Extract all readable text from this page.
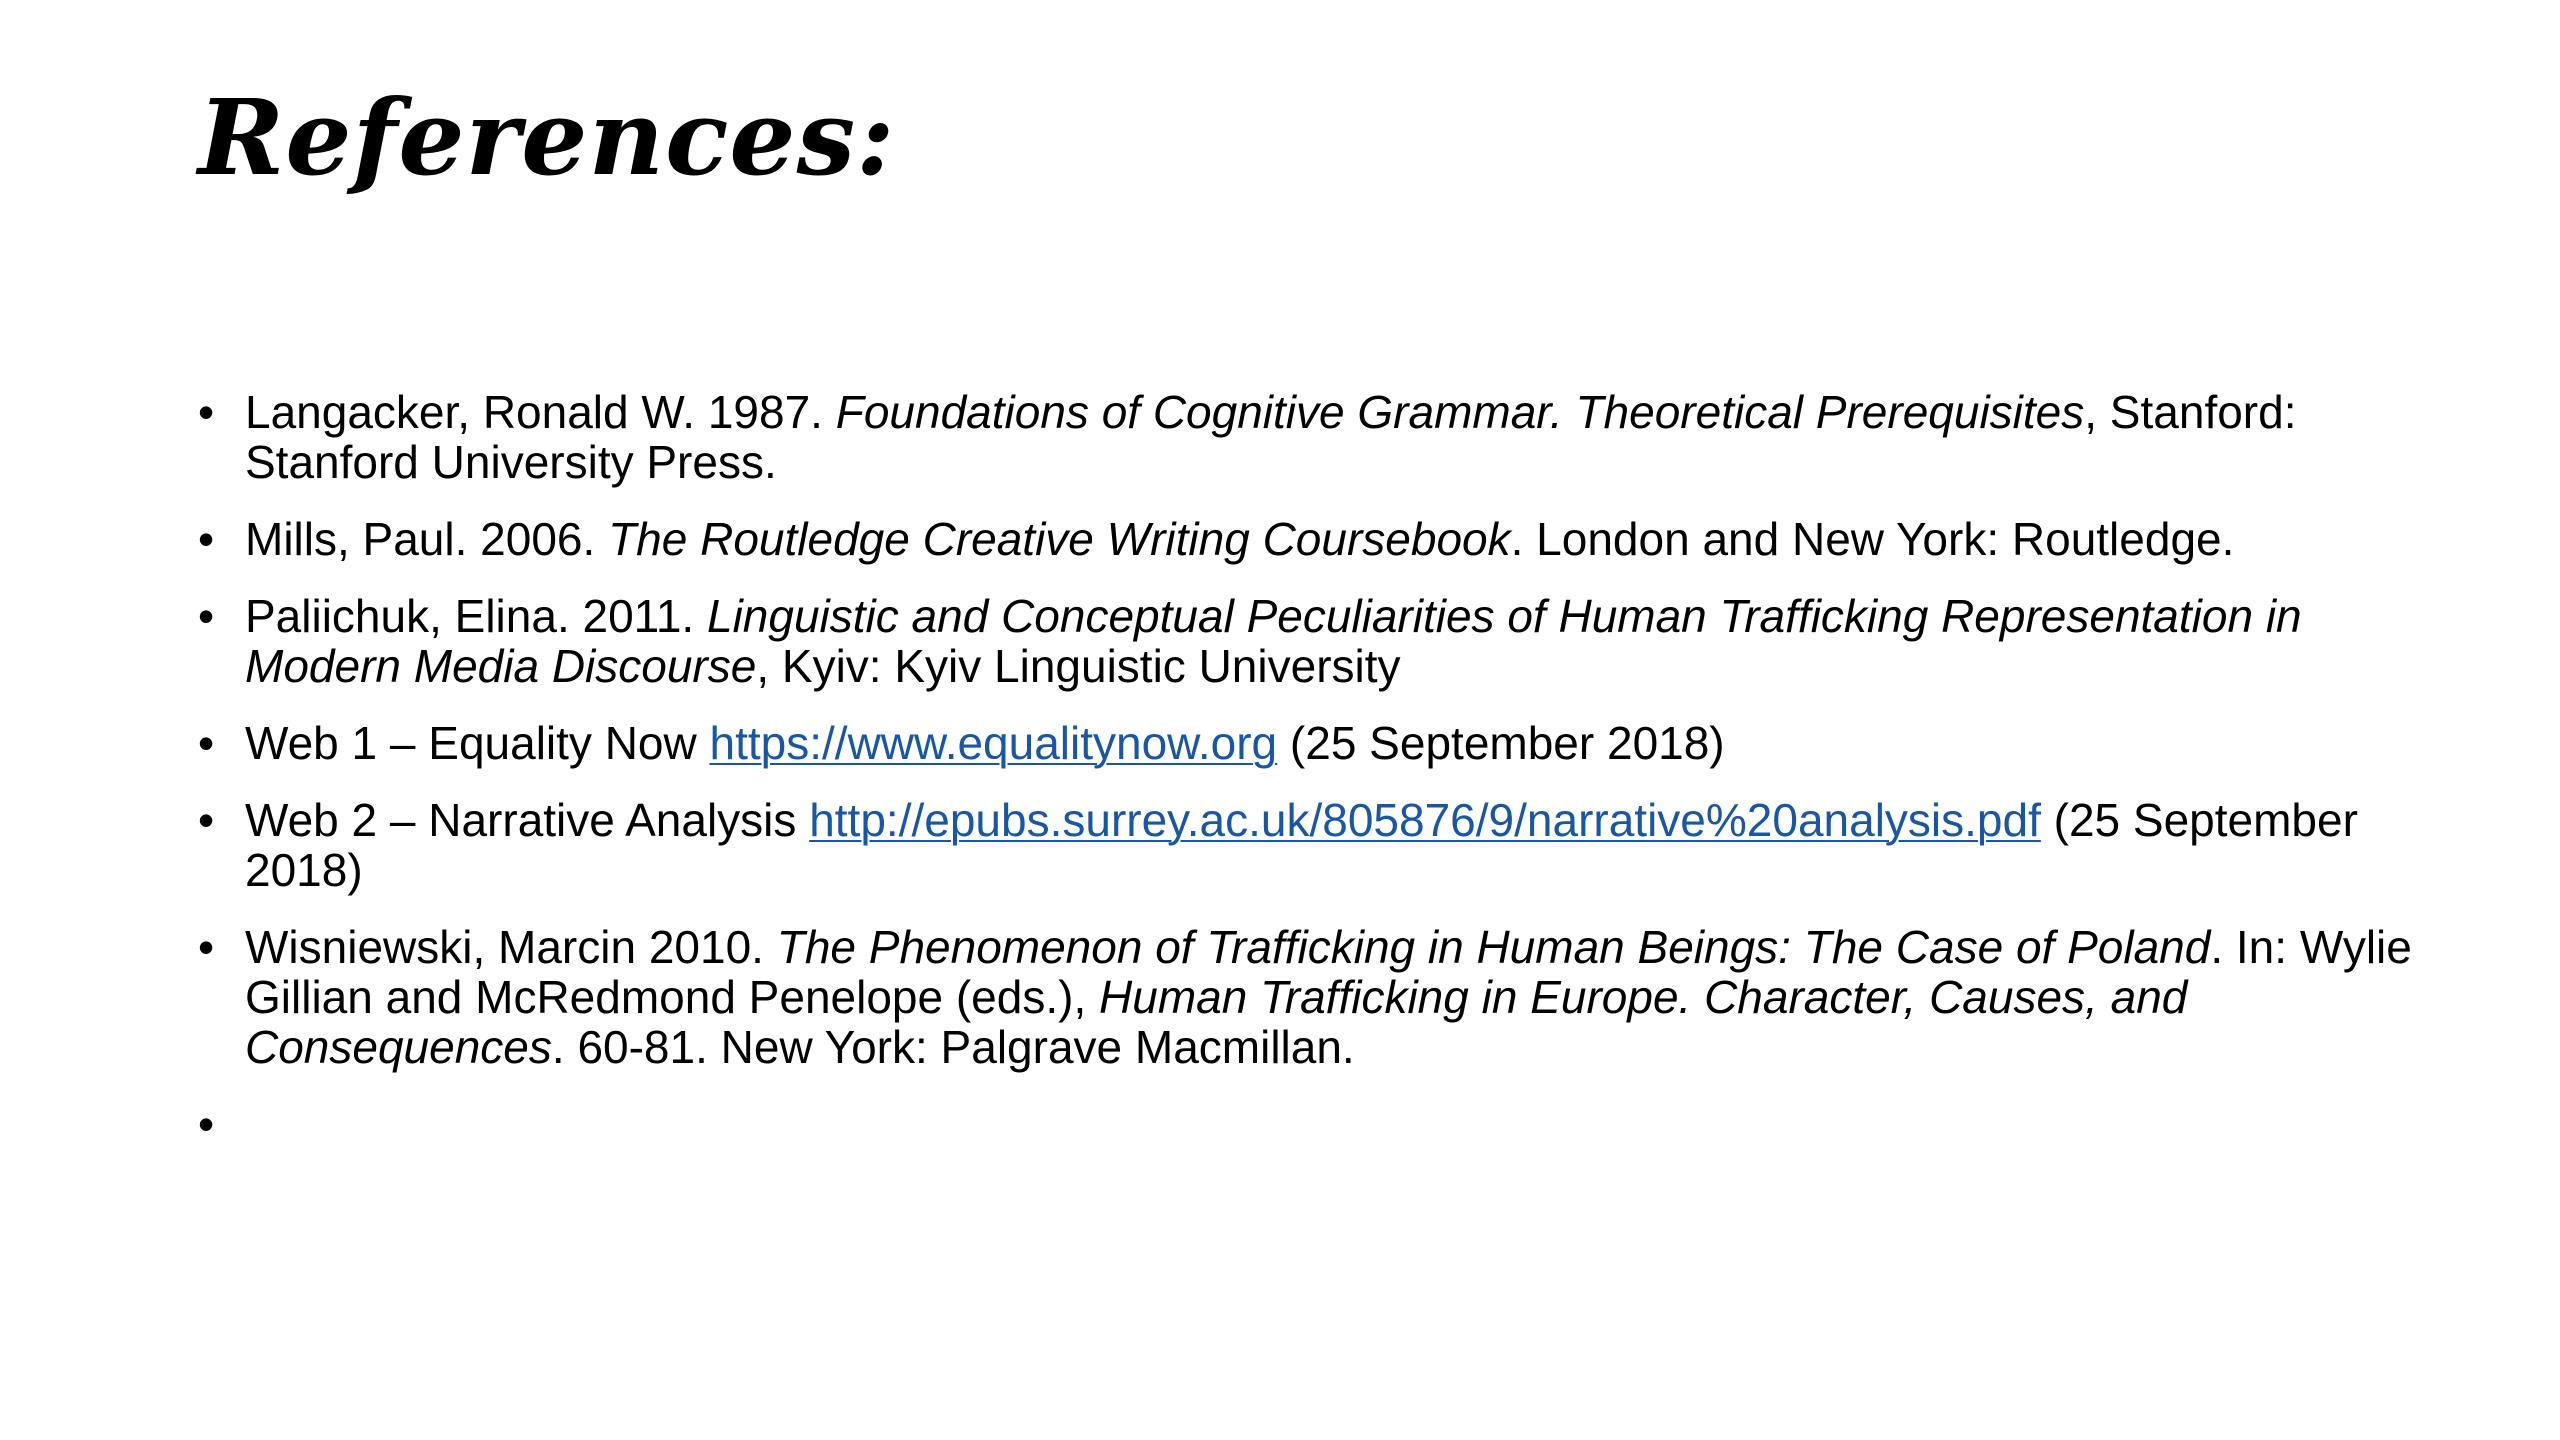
References:
• Langacker, Ronald W. 1987. Foundations of Cognitive Grammar. Theoretical Prerequisites, Stanford: Stanford University Press.
• Mills, Paul. 2006. The Routledge Creative Writing Coursebook. London and New York: Routledge.
• Paliichuk, Elina. 2011. Linguistic and Conceptual Peculiarities of Human Trafficking Representation in Modern Media Discourse, Kyiv: Kyiv Linguistic University
• Web 1 – Equality Now https://www.equalitynow.org (25 September 2018)
• Web 2 – Narrative Analysis http://epubs.surrey.ac.uk/805876/9/narrative%20analysis.pdf (25 September 2018)
• Wisniewski, Marcin 2010. The Phenomenon of Trafficking in Human Beings: The Case of Poland. In: Wylie Gillian and McRedmond Penelope (eds.), Human Trafficking in Europe. Character, Causes, and Consequences. 60-81. New York: Palgrave Macmillan.
•
